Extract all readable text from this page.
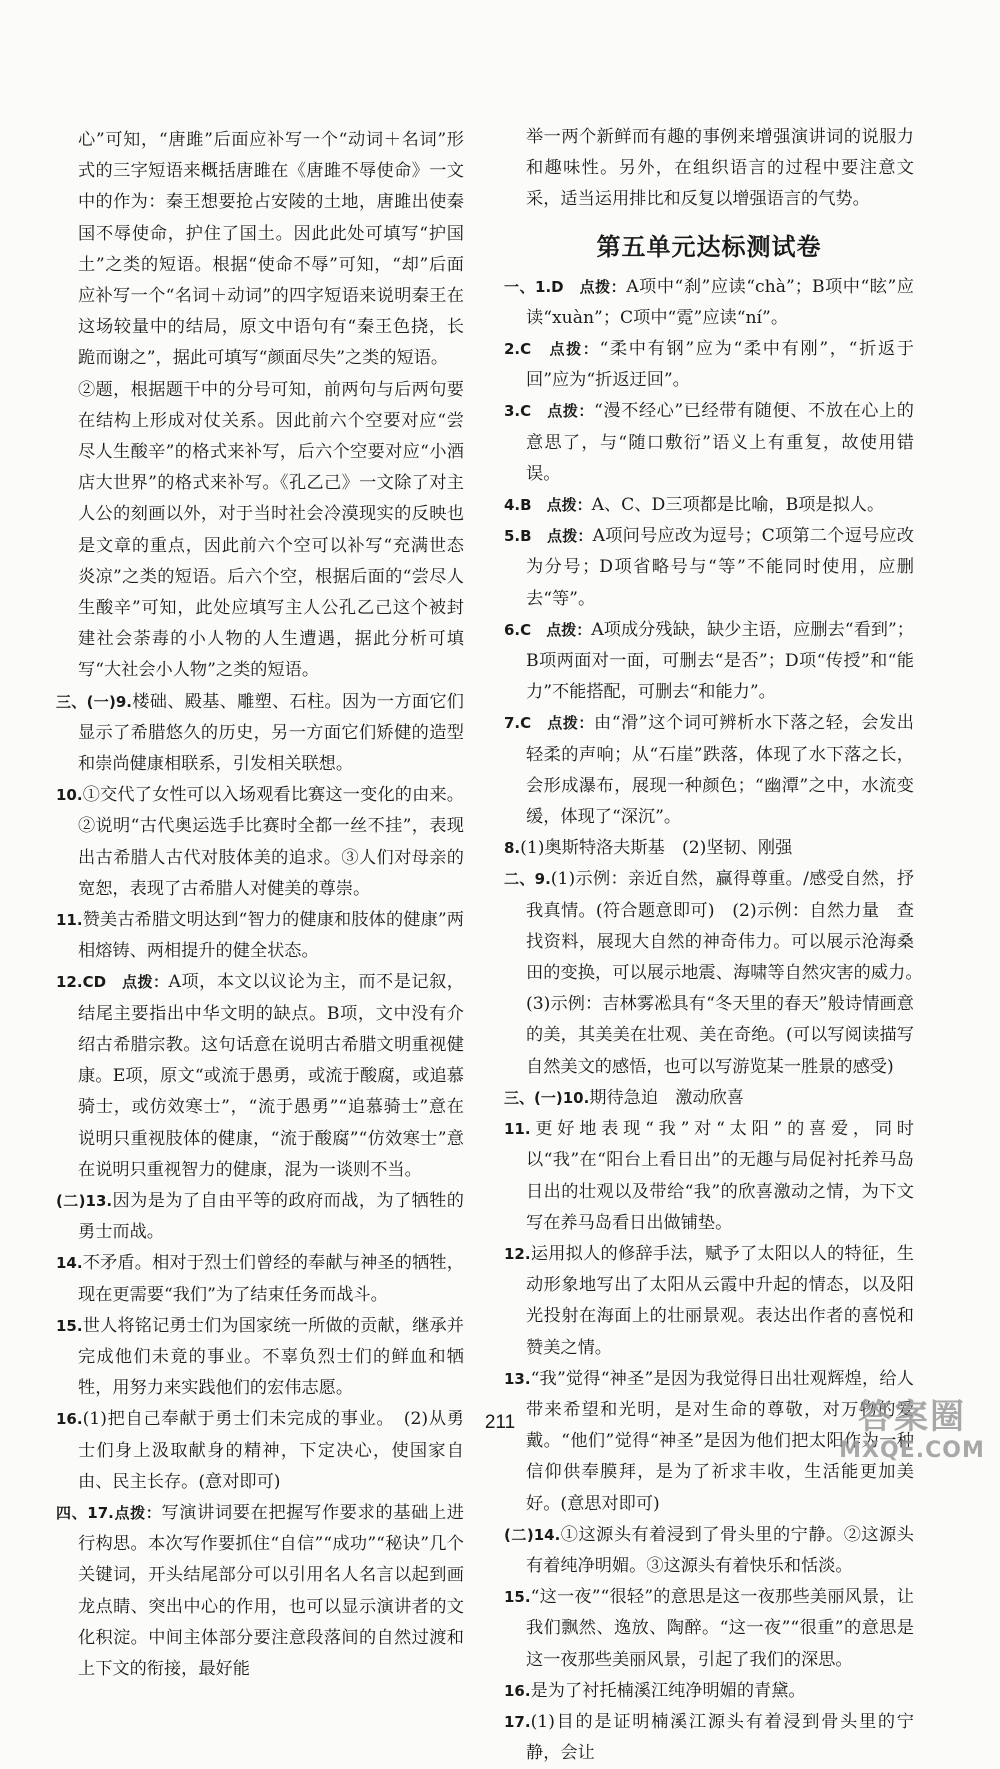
心”可知，“唐雎”后面应补写一个“动词＋名词”形式的三字短语来概括唐雎在《唐雎不辱使命》一文中的作为：秦王想要抢占安陵的土地，唐雎出使秦国不辱使命，护住了国土。因此此处可填写“护国土”之类的短语。根据“使命不辱”可知，“却”后面应补写一个“名词＋动词”的四字短语来说明秦王在这场较量中的结局，原文中语句有“秦王色挠，长跪而谢之”，据此可填写“颜面尽失”之类的短语。

②题，根据题干中的分号可知，前两句与后两句要在结构上形成对仗关系。因此前六个空要对应“尝尽人生酸辛”的格式来补写，后六个空要对应“小酒店大世界”的格式来补写。《孔乙己》一文除了对主人公的刻画以外，对于当时社会冷漠现实的反映也是文章的重点，因此前六个空可以补写“充满世态炎凉”之类的短语。后六个空，根据后面的“尝尽人生酸辛”可知，此处应填写主人公孔乙己这个被封建社会荼毒的小人物的人生遭遇，据此分析可填写“大社会小人物”之类的短语。

三、(一)9.楼础、殿基、雕塑、石柱。因为一方面它们显示了希腊悠久的历史，另一方面它们矫健的造型和崇尚健康相联系，引发相关联想。

10.①交代了女性可以入场观看比赛这一变化的由来。②说明“古代奥运选手比赛时全都一丝不挂”，表现出古希腊人古代对肢体美的追求。③人们对母亲的宽恕，表现了古希腊人对健美的尊崇。

11.赞美古希腊文明达到“智力的健康和肢体的健康”两相熔铸、两相提升的健全状态。

12.CD　点拨：A项，本文以议论为主，而不是记叙，结尾主要指出中华文明的缺点。B项，文中没有介绍古希腊宗教。这句话意在说明古希腊文明重视健康。E项，原文“或流于愚勇，或流于酸腐，或追慕骑士，或仿效寒士”，“流于愚勇”“追慕骑士”意在说明只重视肢体的健康，“流于酸腐”“仿效寒士”意在说明只重视智力的健康，混为一谈则不当。

(二)13.因为是为了自由平等的政府而战，为了牺牲的勇士而战。

14.不矛盾。相对于烈士们曾经的奉献与神圣的牺牲，现在更需要“我们”为了结束任务而战斗。

15.世人将铭记勇士们为国家统一所做的贡献，继承并完成他们未竟的事业。不辜负烈士们的鲜血和牺牲，用努力来实践他们的宏伟志愿。

16.(1)把自己奉献于勇士们未完成的事业。　(2)从勇士们身上汲取献身的精神，下定决心，使国家自由、民主长存。(意对即可)

四、17.点拨：写演讲词要在把握写作要求的基础上进行构思。本次写作要抓住“自信”“成功”“秘诀”几个关键词，开头结尾部分可以引用名人名言以起到画龙点睛、突出中心的作用，也可以显示演讲者的文化积淀。中间主体部分要注意段落间的自然过渡和上下文的衔接，最好能

举一两个新鲜而有趣的事例来增强演讲词的说服力和趣味性。另外，在组织语言的过程中要注意文采，适当运用排比和反复以增强语言的气势。

第五单元达标测试卷

一、1.D　点拨：A项中“刹”应读“chà”；B项中“眩”应读“xuàn”；C项中“霓”应读“ní”。

2.C　点拨：“柔中有钢”应为“柔中有刚”，“折返于回”应为“折返迂回”。

3.C　点拨：“漫不经心”已经带有随便、不放在心上的意思了，与“随口敷衍”语义上有重复，故使用错误。

4.B　点拨：A、C、D三项都是比喻，B项是拟人。

5.B　点拨：A项问号应改为逗号；C项第二个逗号应改为分号；D项省略号与“等”不能同时使用，应删去“等”。

6.C　点拨：A项成分残缺，缺少主语，应删去“看到”；B项两面对一面，可删去“是否”；D项“传授”和“能力”不能搭配，可删去“和能力”。

7.C　点拨：由“滑”这个词可辨析水下落之轻，会发出轻柔的声响；从“石崖”跌落，体现了水下落之长，会形成瀑布，展现一种颜色；“幽潭”之中，水流变缓，体现了“深沉”。

8.(1)奥斯特洛夫斯基　(2)坚韧、刚强

二、9.(1)示例：亲近自然，赢得尊重。/感受自然，抒我真情。(符合题意即可)　(2)示例：自然力量　查找资料，展现大自然的神奇伟力。可以展示沧海桑田的变换，可以展示地震、海啸等自然灾害的威力。　(3)示例：吉林雾凇具有“冬天里的春天”般诗情画意的美，其美美在壮观、美在奇绝。(可以写阅读描写自然美文的感悟，也可以写游览某一胜景的感受)

三、(一)10.期待急迫　激动欣喜

11.更好地表现“我”对“太阳”的喜爱，同时以“我”在“阳台上看日出”的无趣与局促衬托养马岛日出的壮观以及带给“我”的欣喜激动之情，为下文写在养马岛看日出做铺垫。

12.运用拟人的修辞手法，赋予了太阳以人的特征，生动形象地写出了太阳从云霞中升起的情态，以及阳光投射在海面上的壮丽景观。表达出作者的喜悦和赞美之情。

13.“我”觉得“神圣”是因为我觉得日出壮观辉煌，给人带来希望和光明，是对生命的尊敬，对万物的爱戴。“他们”觉得“神圣”是因为他们把太阳作为一种信仰供奉膜拜，是为了祈求丰收，生活能更加美好。(意思对即可)

(二)14.①这源头有着浸到了骨头里的宁静。②这源头有着纯净明媚。③这源头有着快乐和恬淡。

15.“这一夜”“很轻”的意思是这一夜那些美丽风景，让我们飘然、逸放、陶醉。“这一夜”“很重”的意思是这一夜那些美丽风景，引起了我们的深思。

16.是为了衬托楠溪江纯净明媚的青黛。

17.(1)目的是证明楠溪江源头有着浸到骨头里的宁静，会让

211	答案圈
MXQE.COM
